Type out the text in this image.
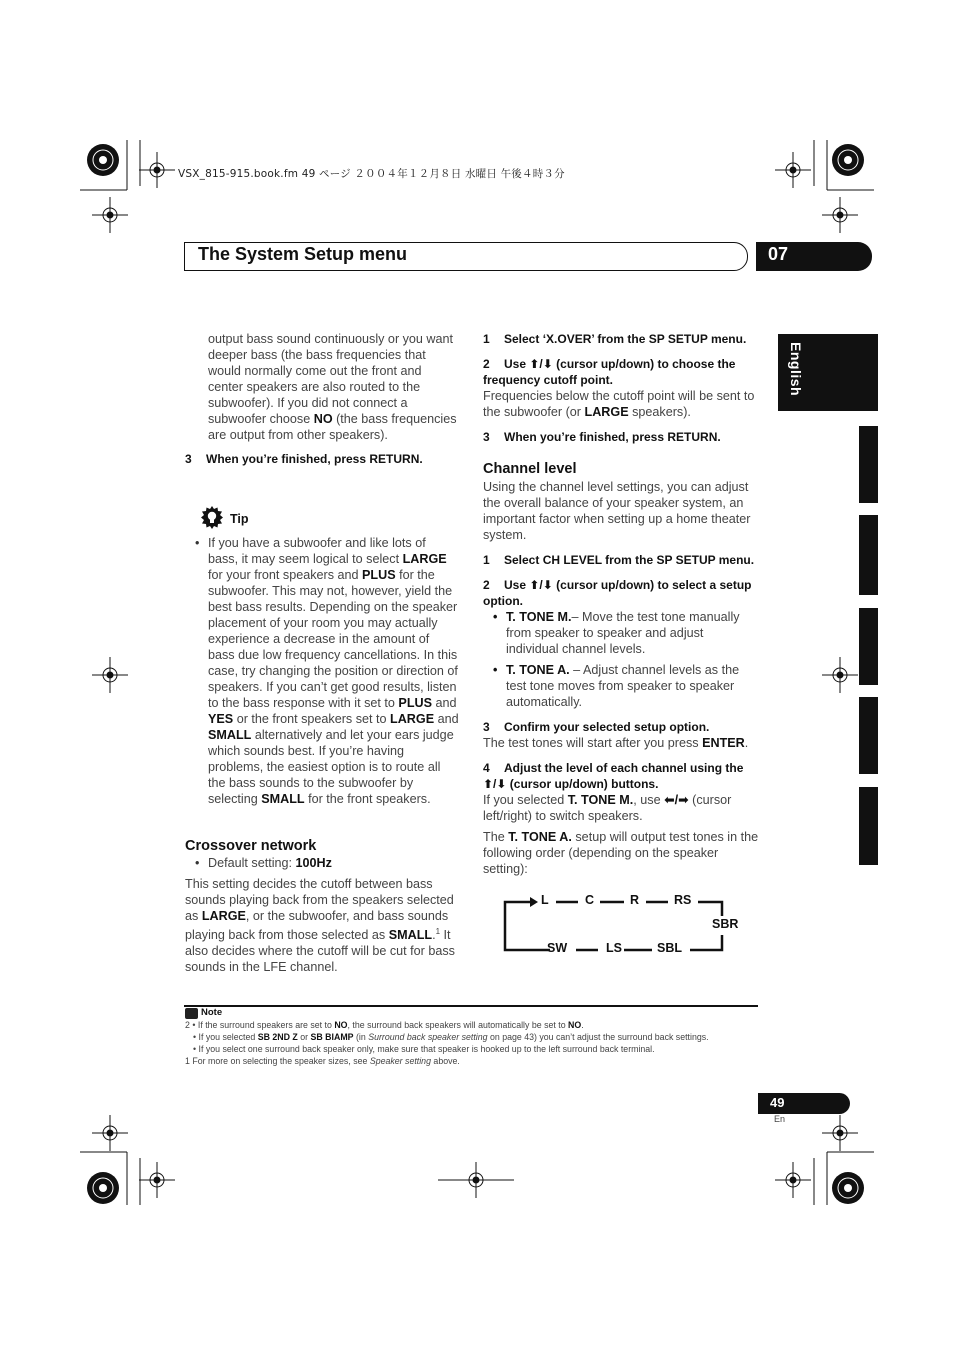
VSX_815-915.book.fm 49 ページ ２００４年１２月８日 水曜日 午後４時３分
The System Setup menu	07
English

output bass sound continuously or you want deeper bass (the bass frequencies that would normally come out the front and center speakers are also routed to the subwoofer). If you did not connect a subwoofer choose NO (the bass frequencies are output from other speakers).

3 When you’re finished, press RETURN.

Tip

• If you have a subwoofer and like lots of bass, it may seem logical to select LARGE for your front speakers and PLUS for the subwoofer. This may not, however, yield the best bass results. Depending on the speaker placement of your room you may actually experience a decrease in the amount of bass due low frequency cancellations. In this case, try changing the position or direction of speakers. If you can’t get good results, listen to the bass response with it set to PLUS and YES or the front speakers set to LARGE and SMALL alternatively and let your ears judge which sounds best. If you’re having problems, the easiest option is to route all the bass sounds to the subwoofer by selecting SMALL for the front speakers.

Crossover network

• Default setting: 100Hz

This setting decides the cutoff between bass sounds playing back from the speakers selected as LARGE, or the subwoofer, and bass sounds playing back from those selected as SMALL.$^1$ It also decides where the cutoff will be cut for bass sounds in the LFE channel.

1 Select ‘X.OVER’ from the SP SETUP menu.

2 Use ⬆/⬇ (cursor up/down) to choose the frequency cutoff point.

Frequencies below the cutoff point will be sent to the subwoofer (or LARGE speakers).

3 When you’re finished, press RETURN.

Channel level

Using the channel level settings, you can adjust the overall balance of your speaker system, an important factor when setting up a home theater system.

1 Select CH LEVEL from the SP SETUP menu.

2 Use ⬆/⬇ (cursor up/down) to select a setup option.

• T. TONE M.– Move the test tone manually from speaker to speaker and adjust individual channel levels.

• T. TONE A. – Adjust channel levels as the test tone moves from speaker to speaker automatically.

3 Confirm your selected setup option.

The test tones will start after you press ENTER.

4 Adjust the level of each channel using the
⬆/⬇ (cursor up/down) buttons.

If you selected T. TONE M., use ⬅/➡ (cursor left/right) to switch speakers.

The T. TONE A. setup will output test tones in the following order (depending on the speaker setting):

L	C	R	RS
SBR
SW	LS	SBL
Note

2 • If the surround speakers are set to NO, the surround back speakers will automatically be set to NO.

• If you selected SB 2ND Z or SB BIAMP (in Surround back speaker setting on page 43) you can’t adjust the surround back settings.

• If you select one surround back speaker only, make sure that speaker is hooked up to the left surround back terminal.

1 For more on selecting the speaker sizes, see Speaker setting above.

49
En
